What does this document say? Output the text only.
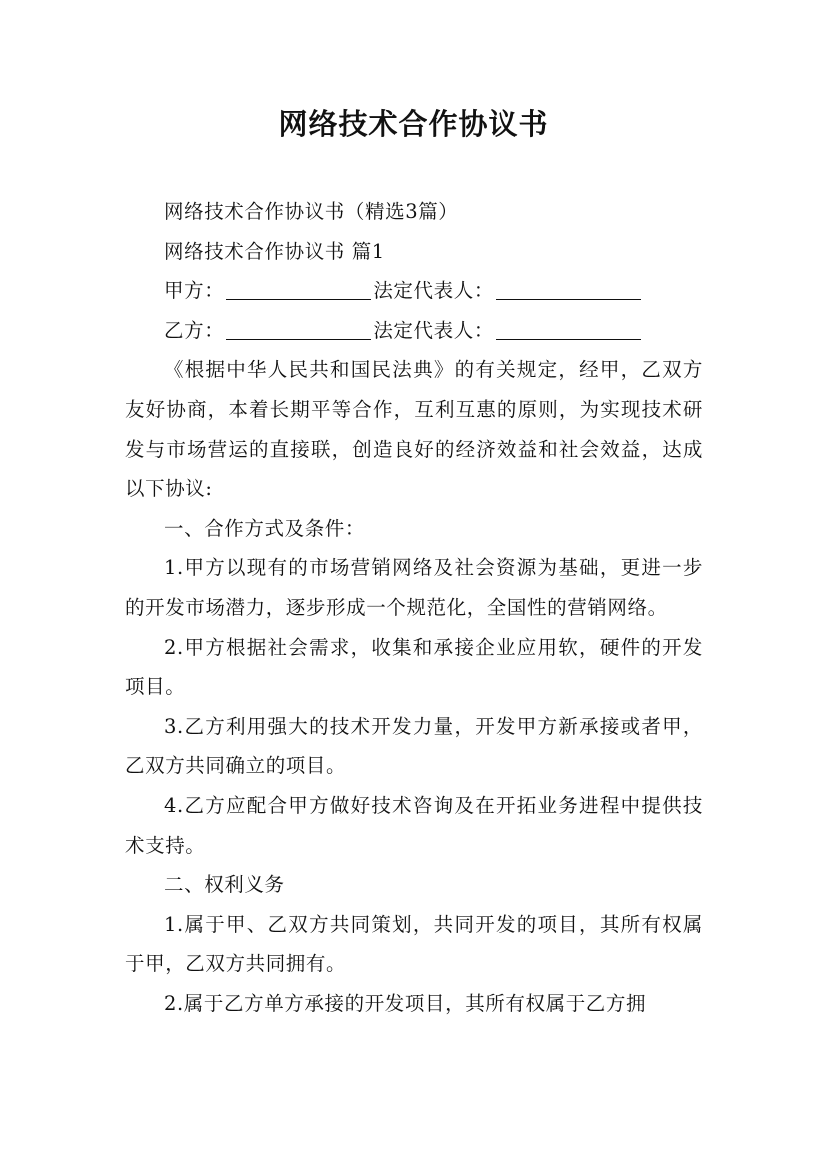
网络技术合作协议书

网络技术合作协议书（精选3篇）

网络技术合作协议书 篇1

甲方：	法定代表人：

乙方：	法定代表人：

《根据中华人民共和国民法典》的有关规定，经甲，乙双方友好协商，本着长期平等合作，互利互惠的原则，为实现技术研发与市场营运的直接联，创造良好的经济效益和社会效益，达成以下协议:

一、合作方式及条件：

1.甲方以现有的市场营销网络及社会资源为基础，更进一步的开发市场潜力，逐步形成一个规范化，全国性的营销网络。

2.甲方根据社会需求，收集和承接企业应用软，硬件的开发项目。

3.乙方利用强大的技术开发力量，开发甲方新承接或者甲，乙双方共同确立的项目。

4.乙方应配合甲方做好技术咨询及在开拓业务进程中提供技术支持。

二、权利义务

1.属于甲、乙双方共同策划，共同开发的项目，其所有权属于甲，乙双方共同拥有。

2.属于乙方单方承接的开发项目，其所有权属于乙方拥
